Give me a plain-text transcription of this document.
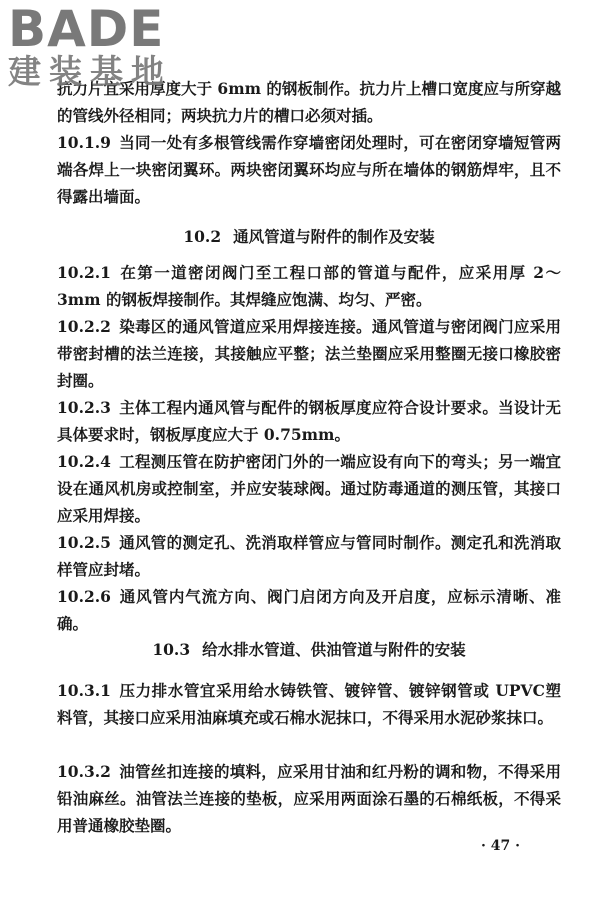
BADE
建装基地

抗力片宜采用厚度大于 6mm 的钢板制作。抗力片上槽口宽度应与所穿越的管线外径相同；两块抗力片的槽口必须对插。

10.1.9 当同一处有多根管线需作穿墙密闭处理时，可在密闭穿墙短管两端各焊上一块密闭翼环。两块密闭翼环均应与所在墙体的钢筋焊牢，且不得露出墙面。

10.2 通风管道与附件的制作及安装

10.2.1 在第一道密闭阀门至工程口部的管道与配件，应采用厚 2～3mm 的钢板焊接制作。其焊缝应饱满、均匀、严密。

10.2.2 染毒区的通风管道应采用焊接连接。通风管道与密闭阀门应采用带密封槽的法兰连接，其接触应平整；法兰垫圈应采用整圈无接口橡胶密封圈。

10.2.3 主体工程内通风管与配件的钢板厚度应符合设计要求。当设计无具体要求时，钢板厚度应大于 0.75mm。

10.2.4 工程测压管在防护密闭门外的一端应设有向下的弯头；另一端宜设在通风机房或控制室，并应安装球阀。通过防毒通道的测压管，其接口应采用焊接。

10.2.5 通风管的测定孔、洗消取样管应与管同时制作。测定孔和洗消取样管应封堵。

10.2.6 通风管内气流方向、阀门启闭方向及开启度，应标示清晰、准确。

10.3 给水排水管道、供油管道与附件的安装

10.3.1 压力排水管宜采用给水铸铁管、镀锌管、镀锌钢管或 UPVC塑料管，其接口应采用油麻填充或石棉水泥抹口，不得采用水泥砂浆抹口。

10.3.2 油管丝扣连接的填料，应采用甘油和红丹粉的调和物，不得采用铅油麻丝。油管法兰连接的垫板，应采用两面涂石墨的石棉纸板，不得采用普通橡胶垫圈。

· 47 ·
